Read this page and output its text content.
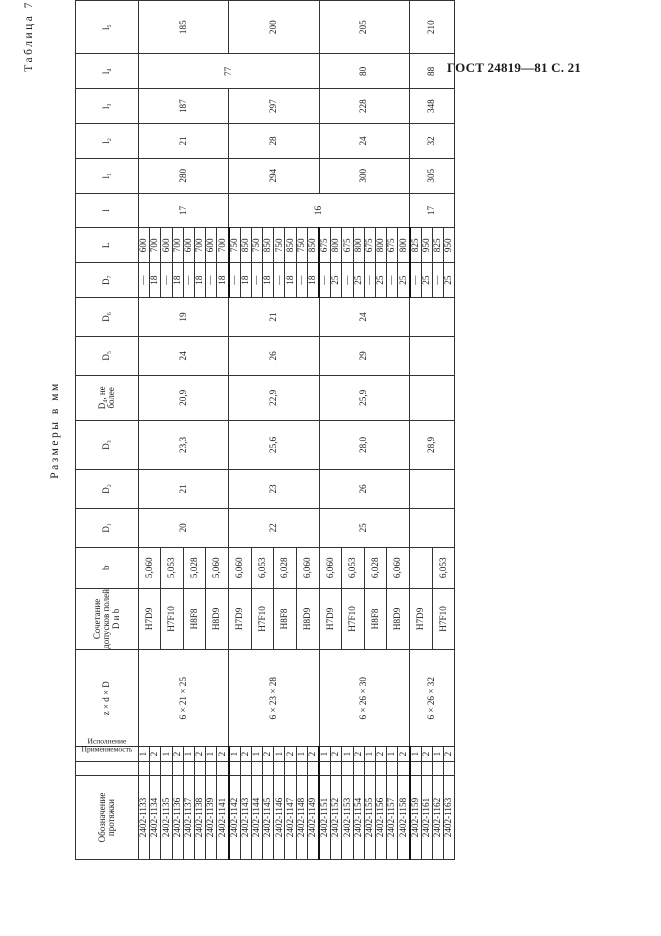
ГОСТ 24819—81 С. 21
Таблица 7
Размеры в мм
Обозначение протяжки	Применяемость	Исполнение	z × d × D	Сочетание допусков полей D и b	b	D₁	D₂	D₃	D₄, не более	D₅	D₆	D₇	L	l	l₁	l₂	l₃	l₄	l₅
2402-1133		1	6 × 21 × 25	H7D9	5,060	20	21	23,3	20,9	24	19	—	600	17	280	21	187	77	185
2402-1134		2										18	700						
2402-1135		1		H7F10	5,053							—	600						
2402-1136		2										18	700						
2402-1137		1		H8F8	5,028							—	600						
2402-1138		2										18	700						
2402-1139		1		H8D9	5,060							—	600						
2402-1141		2										18	700						
2402-1142		1	6 × 23 × 28	H7D9	6,060	22	23	25,6	22,9	26	21	—	750	16	294	28	297		200
2402-1143		2										18	850						
2402-1144		1		H7F10	6,053							—	750						
2402-1145		2										18	850						
2402-1146		1		H8F8	6,028							—	750						
2402-1147		2										18	850						
2402-1148		1		H8D9	6,060							—	750						
2402-1149		2										18	850						
2402-1151		1	6 × 26 × 30	H7D9	6,060	25	26	28,0	25,9	29	24	—	675		300	24	228	80	205
2402-1152		2										25	800						
2402-1153		1		H7F10	6,053							—	675						
2402-1154		2										25	800						
2402-1155		1		H8F8	6,028							—	675						
2402-1156		2										25	800						
2402-1157		1		H8D9	6,060							—	675						
2402-1158		2										25	800						
2402-1159		1	6 × 26 × 32	H7D9				28,9				—	825	17	305	32	348	88	210
2402-1161		2										25	950						
2402-1162		1		H7F10	6,053							—	825						
2402-1163		2										25	950						
